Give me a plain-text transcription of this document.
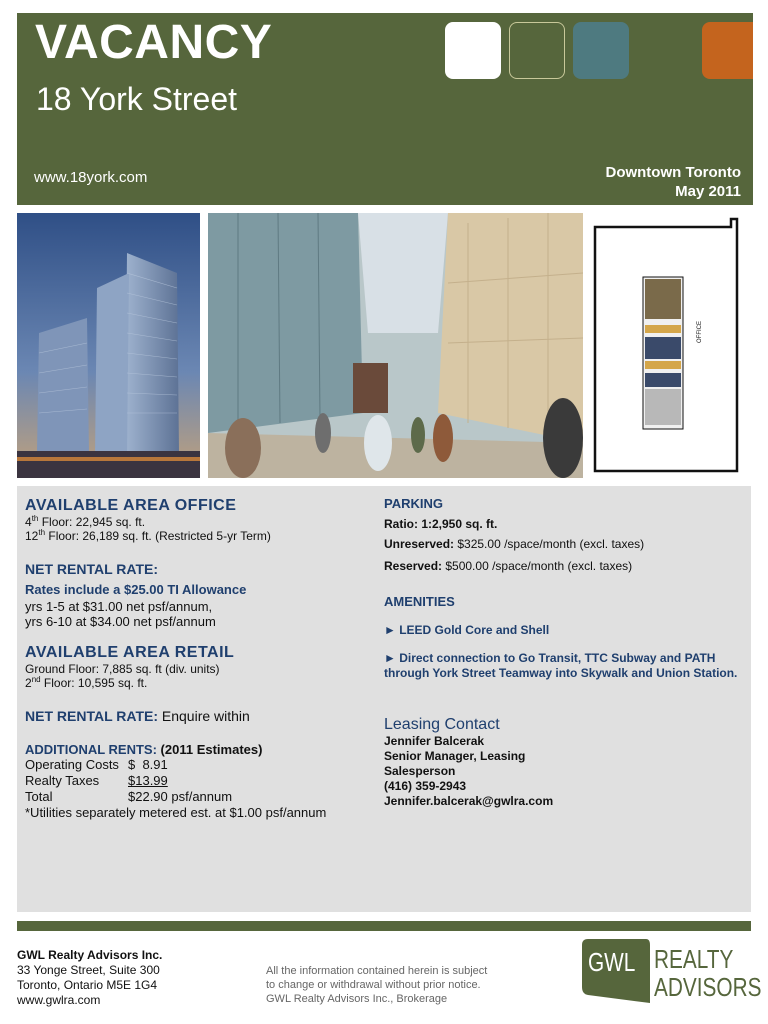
VACANCY
18 York Street
www.18york.com	Downtown Toronto
May 2011
OFFICE
AVAILABLE AREA OFFICE
4th Floor: 22,945 sq. ft.
12th Floor: 26,189 sq. ft. (Restricted 5-yr Term)
NET RENTAL RATE:
Rates include a $25.00 TI Allowance
yrs 1-5 at $31.00 net psf/annum,
yrs 6-10 at $34.00 net psf/annum
AVAILABLE AREA RETAIL
Ground Floor: 7,885 sq. ft (div. units)
2nd Floor: 10,595 sq. ft.
NET RENTAL RATE: Enquire within
ADDITIONAL RENTS: (2011 Estimates)
Operating Costs $  8.91
Realty Taxes	$13.99
Total	$22.90 psf/annum
*Utilities separately metered est. at $1.00 psf/annum
PARKING
Ratio: 1:2,950 sq. ft.
Unreserved: $325.00 /space/month (excl. taxes)
Reserved: $500.00 /space/month (excl. taxes)
AMENITIES
► LEED Gold Core and Shell
► Direct connection to Go Transit, TTC Subway and PATH through York Street Teamway into Skywalk and Union Station.
Leasing Contact
Jennifer Balcerak
Senior Manager, Leasing
Salesperson
(416) 359-2943
Jennifer.balcerak@gwlra.com
GWL Realty Advisors Inc.
33 Yonge Street, Suite 300
Toronto, Ontario M5E 1G4
www.gwlra.com
All the information contained herein is subject
to change or withdrawal without prior notice.
GWL Realty Advisors Inc., Brokerage
GWL REALTY
ADVISORS
